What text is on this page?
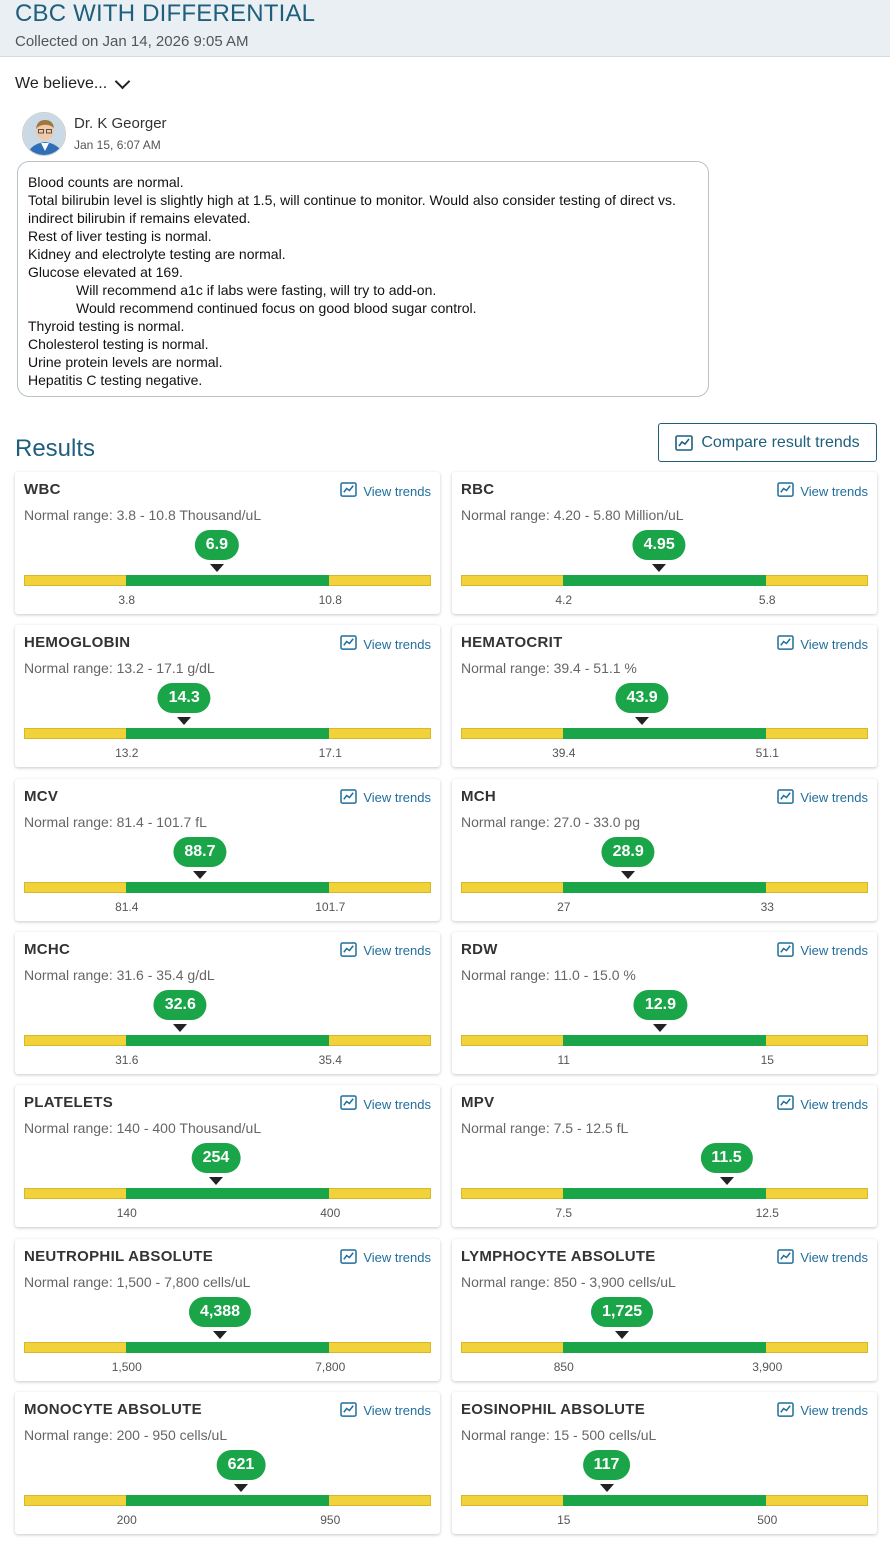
CBC WITH DIFFERENTIAL
Collected on Jan 14, 2026 9:05 AM
We believe...
Dr. K Georger
Jan 15, 6:07 AM
Blood counts are normal.
Total bilirubin level is slightly high at 1.5, will continue to monitor. Would also consider testing of direct vs. indirect bilirubin if remains elevated.
Rest of liver testing is normal.
Kidney and electrolyte testing are normal.
Glucose elevated at 169.
Will recommend a1c if labs were fasting, will try to add-on.
Would recommend continued focus on good blood sugar control.
Thyroid testing is normal.
Cholesterol testing is normal.
Urine protein levels are normal.
Hepatitis C testing negative.
Results	Compare result trends
WBC	View trends
Normal range: 3.8 - 10.8 Thousand/uL
6.9
3.8	10.8
RBC	View trends
Normal range: 4.20 - 5.80 Million/uL
4.95
4.2	5.8
HEMOGLOBIN	View trends
Normal range: 13.2 - 17.1 g/dL
14.3
13.2	17.1
HEMATOCRIT	View trends
Normal range: 39.4 - 51.1 %
43.9
39.4	51.1
MCV	View trends
Normal range: 81.4 - 101.7 fL
88.7
81.4	101.7
MCH	View trends
Normal range: 27.0 - 33.0 pg
28.9
27	33
MCHC	View trends
Normal range: 31.6 - 35.4 g/dL
32.6
31.6	35.4
RDW	View trends
Normal range: 11.0 - 15.0 %
12.9
11	15
PLATELETS	View trends
Normal range: 140 - 400 Thousand/uL
254
140	400
MPV	View trends
Normal range: 7.5 - 12.5 fL
11.5
7.5	12.5
NEUTROPHIL ABSOLUTE	View trends
Normal range: 1,500 - 7,800 cells/uL
4,388
1,500	7,800
LYMPHOCYTE ABSOLUTE	View trends
Normal range: 850 - 3,900 cells/uL
1,725
850	3,900
MONOCYTE ABSOLUTE	View trends
Normal range: 200 - 950 cells/uL
621
200	950
EOSINOPHIL ABSOLUTE	View trends
Normal range: 15 - 500 cells/uL
117
15	500
